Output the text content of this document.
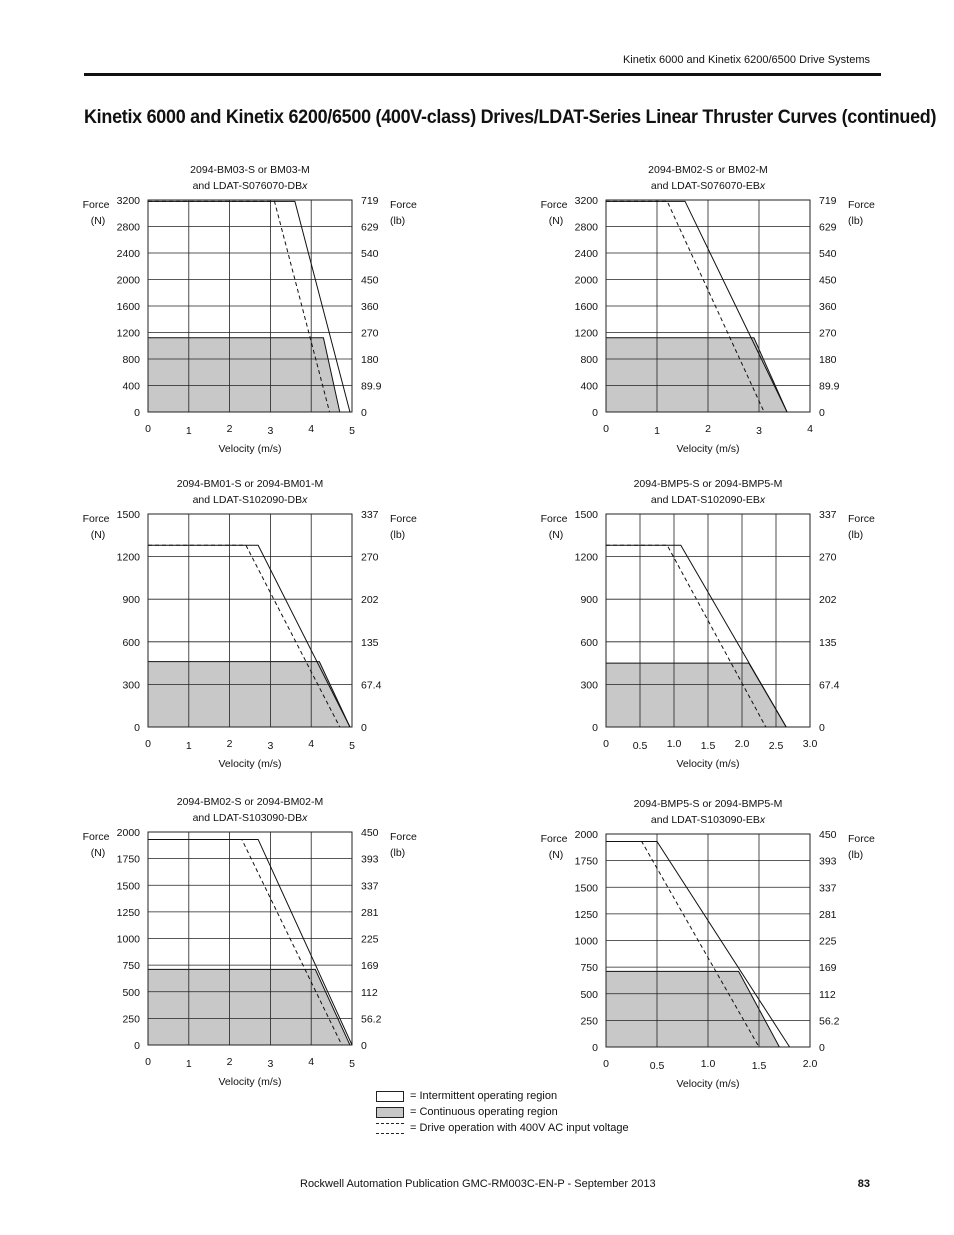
Kinetix 6000 and Kinetix 6200/6500 Drive Systems
Kinetix 6000 and Kinetix 6200/6500 (400V-class) Drives/LDAT-Series Linear Thruster Curves (continued)
2094-BM03-S or BM03-M
and LDAT-S076070-DBx
0
400
800
1200
1600
2000
2400
2800
3200
0
89.9
180
270
360
450
540
629
719
0	1	2	3	4	5
Velocity (m/s)
Force
(N)
Force
(lb)
2094-BM02-S or BM02-M
and LDAT-S076070-EBx
0
400
800
1200
1600
2000
2400
2800
3200
0
89.9
180
270
360
450
540
629
719
0	1	2	3	4
Velocity (m/s)
Force
(N)
Force
(lb)
2094-BM01-S or 2094-BM01-M
and LDAT-S102090-DBx
0
300
600
900
1200
1500
0
67.4
135
202
270
337
0	1	2	3	4	5
Velocity (m/s)
Force
(N)
Force
(lb)
2094-BMP5-S or 2094-BMP5-M
and LDAT-S102090-EBx
0
300
600
900
1200
1500
0
67.4
135
202
270
337
0 0.5 1.0 1.5 2.0 2.5 3.0
Velocity (m/s)
Force
(N)
Force
(lb)
2094-BM02-S or 2094-BM02-M
and LDAT-S103090-DBx
0
250
500
750
1000
1250
1500
1750
2000
0
56.2
112
169
225
281
337
393
450
0	1	2	3	4	5
Velocity (m/s)
Force
(N)
Force
(lb)
2094-BMP5-S or 2094-BMP5-M
and LDAT-S103090-EBx
0
250
500
750
1000
1250
1500
1750
2000
0
56.2
112
169
225
281
337
393
450
0	0.5	1.0	1.5	2.0
Velocity (m/s)
Force
(N)
Force
(lb)
= Intermittent operating region
= Continuous operating region
= Drive operation with 400V AC input voltage
Rockwell Automation Publication GMC-RM003C-EN-P - September 2013	83
